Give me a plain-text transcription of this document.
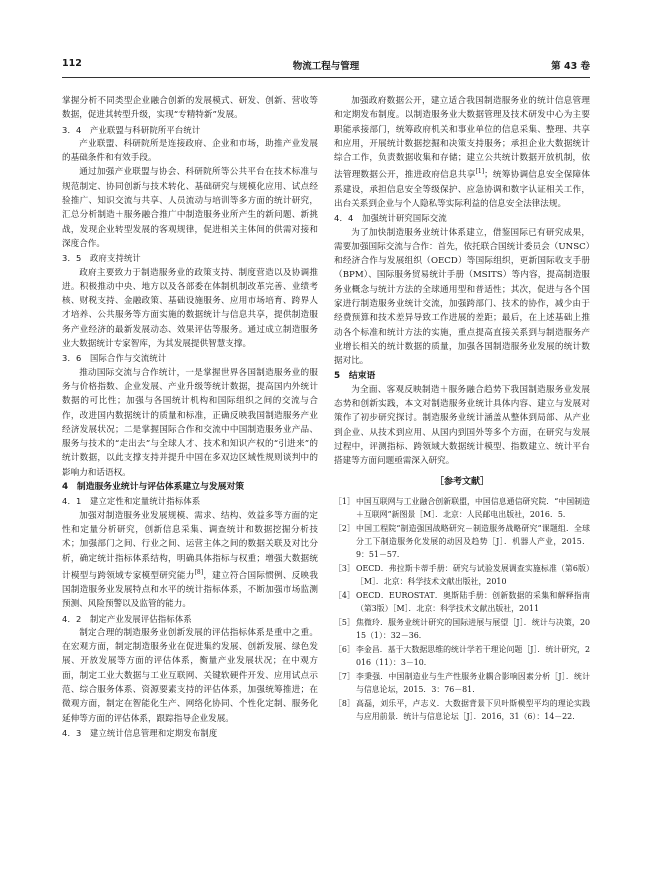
112	物流工程与管理	第 43 卷

掌握分析不同类型企业融合创新的发展模式、研发、创新、营收等数据，促进其转型升级，实现“专精特新”发展。

3．4　产业联盟与科研院所平台统计

产业联盟、科研院所是连接政府、企业和市场，助推产业发展的基础条件和有效手段。

通过加强产业联盟与协会、科研院所等公共平台在技术标准与规范制定、协同创新与技术转化、基础研究与规模化应用、试点经验推广、知识交流与共享、人员流动与培训等多方面的统计研究，汇总分析制造＋服务融合推广中制造服务业所产生的新问题、新挑战，发现企业转型发展的客观规律，促进相关主体间的供需对接和深度合作。

3．5　政府支持统计

政府主要致力于制造服务业的政策支持、制度营造以及协调推进。积极推动中央、地方以及各部委在体制机制改革完善、业绩考核、财税支持、金融政策、基础设施服务、应用市场培育、跨界人才培养、公共服务等方面实施的数据统计与信息共享，提供制造服务产业经济的最新发展动态、效果评估等服务。通过成立制造服务业大数据统计专家智库，为其发展提供智慧支撑。

3．6　国际合作与交流统计

推动国际交流与合作统计，一是掌握世界各国制造服务业的服务与价格指数、企业发展、产业升级等统计数据，提高国内外统计数据的可比性；加强与各国统计机构和国际组织之间的交流与合作，改进国内数据统计的质量和标准，正确反映我国制造服务产业经济发展状况；二是掌握国际合作和交流中中国制造服务业产品、服务与技术的“走出去”与全球人才、技术和知识产权的“引进来”的统计数据，以此支撑支持并提升中国在多双边区域性规则谈判中的影响力和话语权。

4　制造服务业统计与评估体系建立与发展对策
4．1　建立定性和定量统计指标体系

加强对制造服务业发展规模、需求、结构、效益多等方面的定性和定量分析研究，创新信息采集、调查统计和数据挖掘分析技术；加强部门之间、行业之间、运营主体之间的数据关联及对比分析，确定统计指标体系结构，明确具体指标与权重；增强大数据统计模型与跨领域专家模型研究能力[8]，建立符合国际惯例、反映我国制造服务业发展特点和水平的统计指标体系，不断加强市场监测预测、风险预警以及监管的能力。

4．2　制定产业发展评估指标体系

制定合理的制造服务业创新发展的评估指标体系是重中之重。在宏观方面，制定制造服务业在促进集约发展、创新发展、绿色发展、开放发展等方面的评估体系，衡量产业发展状况；在中观方面，制定工业大数据与工业互联网、关键软硬件开发、应用试点示范、综合服务体系、资源要素支持的评估体系，加强统筹推进；在微观方面，制定在智能化生产、网络化协同、个性化定制、服务化延伸等方面的评估体系，跟踪指导企业发展。

4．3　建立统计信息管理和定期发布制度

加强政府数据公开，建立适合我国制造服务业的统计信息管理和定期发布制度。以制造服务业大数据管理及技术研发中心为主要职能承接部门，统筹政府机关和事业单位的信息采集、整理、共享和应用，开展统计数据挖掘和决策支持服务；承担企业大数据统计综合工作，负责数据收集和存储；建立公共统计数据开放机制，依法管理数据公开，推进政府信息共享[1]；统筹协调信息安全保障体系建设，承担信息安全等级保护、应急协调和数字认证相关工作，出台关系到企业与个人隐私等实际利益的信息安全法律法规。

4．4　加强统计研究国际交流

为了加快制造服务业统计体系建立，借鉴国际已有研究成果，需要加强国际交流与合作：首先，依托联合国统计委员会（UNSC）和经济合作与发展组织（OECD）等国际组织，更新国际收支手册（BPM）、国际服务贸易统计手册（MSITS）等内容，提高制造服务业概念与统计方法的全球通用型和普适性；其次，促进与各个国家进行制造服务业统计交流，加强跨部门、技术的协作，减少由于经费预算和技术差异导致工作进展的差距；最后，在上述基础上推动各个标准和统计方法的实施，重点提高直接关系到与制造服务产业增长相关的统计数据的质量，加强各国制造服务业发展的统计数据对比。

5　结束语

为全面、客观反映制造＋服务融合趋势下我国制造服务业发展态势和创新实践，本文对制造服务业统计具体内容、建立与发展对策作了初步研究探讨。制造服务业统计涵盖从整体到局部、从产业到企业、从技术到应用、从国内到国外等多个方面，在研究与发展过程中，评测指标、跨领域大数据统计模型、指数建立、统计平台搭建等方面问题亟需深入研究。

［参考文献］
［1］ 中国互联网与工业融合创新联盟，中国信息通信研究院．“中国制造＋互联网”新图景［M］．北京：人民邮电出版社，2016．5．
［2］ 中国工程院“制造强国战略研究－制造服务战略研究”课题组．全球分工下制造服务化发展的动因及趋势［J］．机器人产业，2015．9：51－57．
［3］ OECD．弗拉斯卡蒂手册：研究与试验发展调查实施标准（第6版）［M］．北京：科学技术文献出版社，2010
［4］ OECD．EUROSTAT．奥斯陆手册：创新数据的采集和解释指南（第3版）［M］．北京：科学技术文献出版社，2011
［5］ 焦微玲．服务业统计研究的国际进展与展望［J］．统计与决策，2015（1）：32－36．
［6］ 李金昌．基于大数据思维的统计学若干理论问题［J］．统计研究，2016（11）：3－10．
［7］ 李秉强．中国制造业与生产性服务业耦合影响因素分析［J］．统计与信息论坛，2015．3：76－81．
［8］ 高磊，刘乐平，卢志义．大数据背景下贝叶斯模型平均的理论实践与应用前景．统计与信息论坛［J］．2016，31（6）：14－22．
